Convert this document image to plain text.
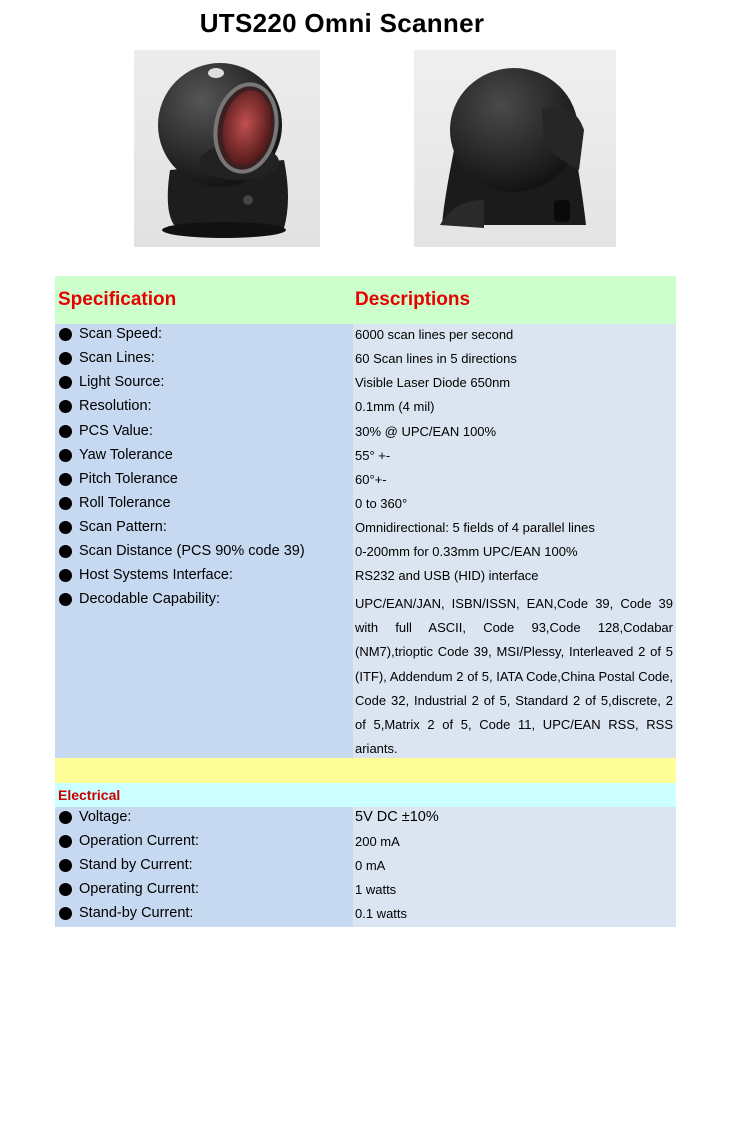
UTS220 Omni Scanner
Specification	Descriptions
Scan Speed:	6000 scan lines per second
Scan Lines:	60 Scan lines in 5 directions
Light Source:	Visible Laser Diode 650nm
Resolution:	0.1mm (4 mil)
PCS Value:	30% @ UPC/EAN 100%
Yaw Tolerance	55° +-
Pitch Tolerance	60°+-
Roll Tolerance	0 to 360°
Scan Pattern:	Omnidirectional: 5 fields of 4 parallel lines
Scan Distance (PCS 90% code 39)	0-200mm for 0.33mm UPC/EAN 100%
Host Systems Interface:	RS232 and USB (HID) interface
Decodable Capability:	UPC/EAN/JAN, ISBN/ISSN, EAN,Code 39, Code 39 with full ASCII, Code 93,Code 128,Codabar (NM7),trioptic Code 39, MSI/Plessy, Interleaved 2 of 5 (ITF), Addendum 2 of 5, IATA Code,China Postal Code, Code 32, Industrial 2 of 5, Standard 2 of 5,discrete, 2 of 5,Matrix 2 of 5, Code 11, UPC/EAN RSS, RSS ariants.
Electrical
Voltage:	5V DC ±10%
Operation Current:	200 mA
Stand by Current:	0 mA
Operating Current:	1 watts
Stand-by Current:	0.1 watts
